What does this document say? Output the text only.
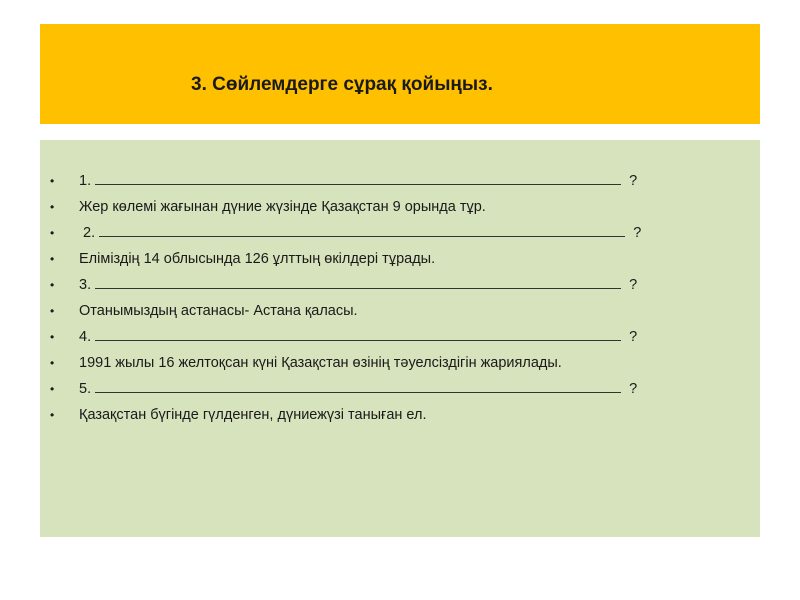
3. Сөйлемдерге сұрақ қойыңыз.
• 1.	?
• Жер көлемі жағынан дүние жүзінде Қазақстан 9 орында тұр.
• 2.	?
• Еліміздің 14 облысында 126 ұлттың өкілдері тұрады.
• 3.	?
• Отанымыздың астанасы- Астана қаласы.
• 4.	?
• 1991 жылы 16 желтоқсан күні Қазақстан өзінің тәуелсіздігін жариялады.
• 5.	?
• Қазақстан бүгінде гүлденген, дүниежүзі таныған ел.
